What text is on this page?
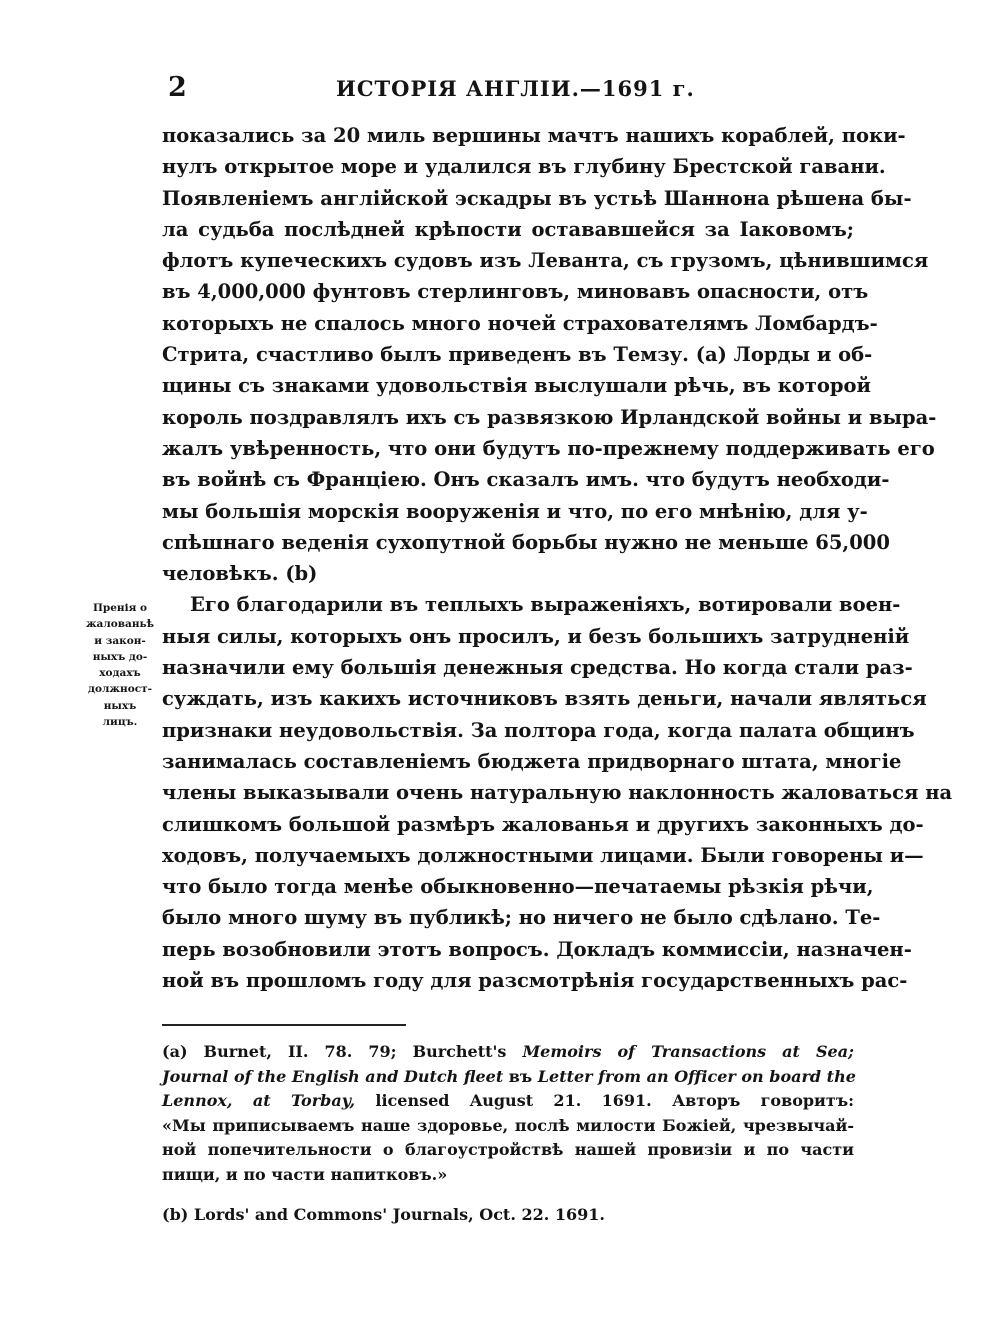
2	ИСТОРІЯ АНГЛІИ.—1691 г.
показались за 20 миль вершины мачтъ нашихъ кораблей, поки-
нулъ открытое море и удалился въ глубину Брестской гавани.
Появленіемъ англійской эскадры въ устьѣ Шаннона рѣшена бы-
ла судьба послѣдней крѣпости остававшейся за Іаковомъ;
флотъ купеческихъ судовъ изъ Леванта, съ грузомъ, цѣнившимся
въ 4,000,000 фунтовъ стерлинговъ, миновавъ опасности, отъ
которыхъ не спалось много ночей страхователямъ Ломбардъ-
Стрита, счастливо былъ приведенъ въ Темзу. (a) Лорды и об-
щины съ знаками удовольствія выслушали рѣчь, въ которой
король поздравлялъ ихъ съ развязкою Ирландской войны и выра-
жалъ увѣренность, что они будутъ по-прежнему поддерживать его
въ войнѣ съ Франціею. Онъ сказалъ имъ. что будутъ необходи-
мы большія морскія вооруженія и что, по его мнѣнію, для у-
спѣшнаго веденія сухопутной борьбы нужно не меньше 65,000
человѣкъ. (b)
Его благодарили въ теплыхъ выраженіяхъ, вотировали воен-
ныя силы, которыхъ онъ просилъ, и безъ большихъ затрудненій
назначили ему большія денежныя средства. Но когда стали раз-
суждать, изъ какихъ источниковъ взять деньги, начали являться
признаки неудовольствія. За полтора года, когда палата общинъ
занималась составленіемъ бюджета придворнаго штата, многіе
члены выказывали очень натуральную наклонность жаловаться на
слишкомъ большой размѣръ жалованья и другихъ законныхъ до-
ходовъ, получаемыхъ должностными лицами. Были говорены и—
что было тогда менѣе обыкновенно—печатаемы рѣзкія рѣчи,
было много шуму въ публикѣ; но ничего не было сдѣлано. Те-
перь возобновили этотъ вопросъ. Докладъ коммиссіи, назначен-
ной въ прошломъ году для разсмотрѣнія государственныхъ рас-
Пренія о
жалованьѣ
и закон-
ныхъ до-
ходахъ
должност-
ныхъ
лицъ.
(a) Burnet, II. 78. 79; Burchett's Memoirs of Transactions at Sea;
Journal of the English and Dutch fleet въ Letter from an Officer on board the
Lennox, at Torbay, licensed August 21. 1691. Авторъ говоритъ:
«Мы приписываемъ наше здоровье, послѣ милости Божіей, чрезвычай-
ной попечительности о благоустройствѣ нашей провизіи и по части
пищи, и по части напитковъ.»
(b) Lords' and Commons' Journals, Oct. 22. 1691.
